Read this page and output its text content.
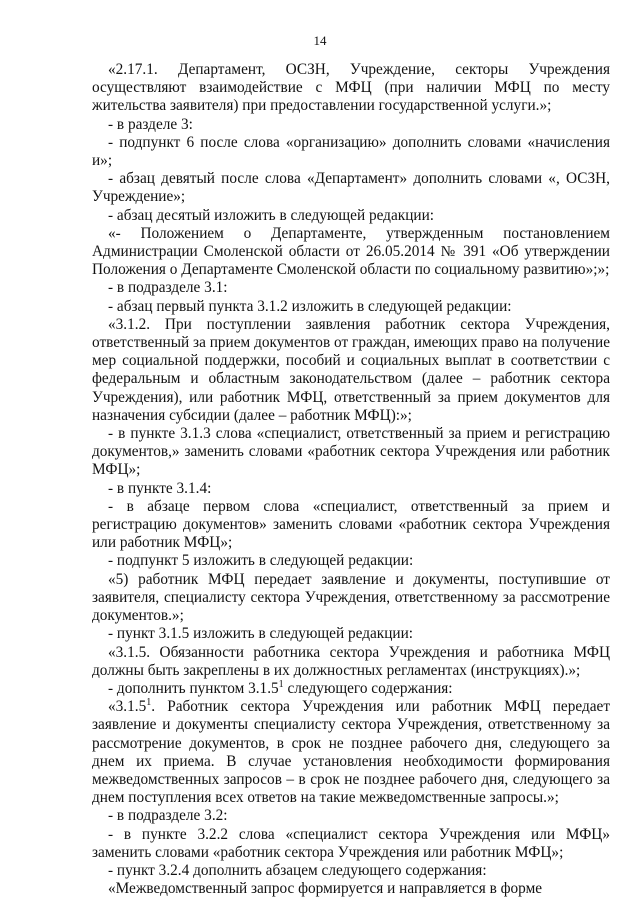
14

«2.17.1. Департамент, ОСЗН, Учреждение, секторы Учреждения осуществляют взаимодействие с МФЦ (при наличии МФЦ по месту жительства заявителя) при предоставлении государственной услуги.»;

- в разделе 3:

- подпункт 6 после слова «организацию» дополнить словами «начисления и»;

- абзац девятый после слова «Департамент» дополнить словами «, ОСЗН, Учреждение»;

- абзац десятый изложить в следующей редакции:

«- Положением о Департаменте, утвержденным постановлением Администрации Смоленской области от 26.05.2014 № 391 «Об утверждении Положения о Департаменте Смоленской области по социальному развитию»;»;

- в подразделе 3.1:

- абзац первый пункта 3.1.2 изложить в следующей редакции:

«3.1.2. При поступлении заявления работник сектора Учреждения, ответственный за прием документов от граждан, имеющих право на получение мер социальной поддержки, пособий и социальных выплат в соответствии с федеральным и областным законодательством (далее – работник сектора Учреждения), или работник МФЦ, ответственный за прием документов для назначения субсидии (далее – работник МФЦ):»;

- в пункте 3.1.3 слова «специалист, ответственный за прием и регистрацию документов,» заменить словами «работник сектора Учреждения или работник МФЦ»;

- в пункте 3.1.4:

- в абзаце первом слова «специалист, ответственный за прием и регистрацию документов» заменить словами «работник сектора Учреждения или работник МФЦ»;

- подпункт 5 изложить в следующей редакции:

«5) работник МФЦ передает заявление и документы, поступившие от заявителя, специалисту сектора Учреждения, ответственному за рассмотрение документов.»;

- пункт 3.1.5 изложить в следующей редакции:

«3.1.5. Обязанности работника сектора Учреждения и работника МФЦ должны быть закреплены в их должностных регламентах (инструкциях).»;

- дополнить пунктом 3.1.5$^1$ следующего содержания:

«3.1.5$^1$. Работник сектора Учреждения или работник МФЦ передает заявление и документы специалисту сектора Учреждения, ответственному за рассмотрение документов, в срок не позднее рабочего дня, следующего за днем их приема. В случае установления необходимости формирования межведомственных запросов – в срок не позднее рабочего дня, следующего за днем поступления всех ответов на такие межведомственные запросы.»;

- в подразделе 3.2:

- в пункте 3.2.2 слова «специалист сектора Учреждения или МФЦ» заменить словами «работник сектора Учреждения или работник МФЦ»;

- пункт 3.2.4 дополнить абзацем следующего содержания:

«Межведомственный запрос формируется и направляется в форме
